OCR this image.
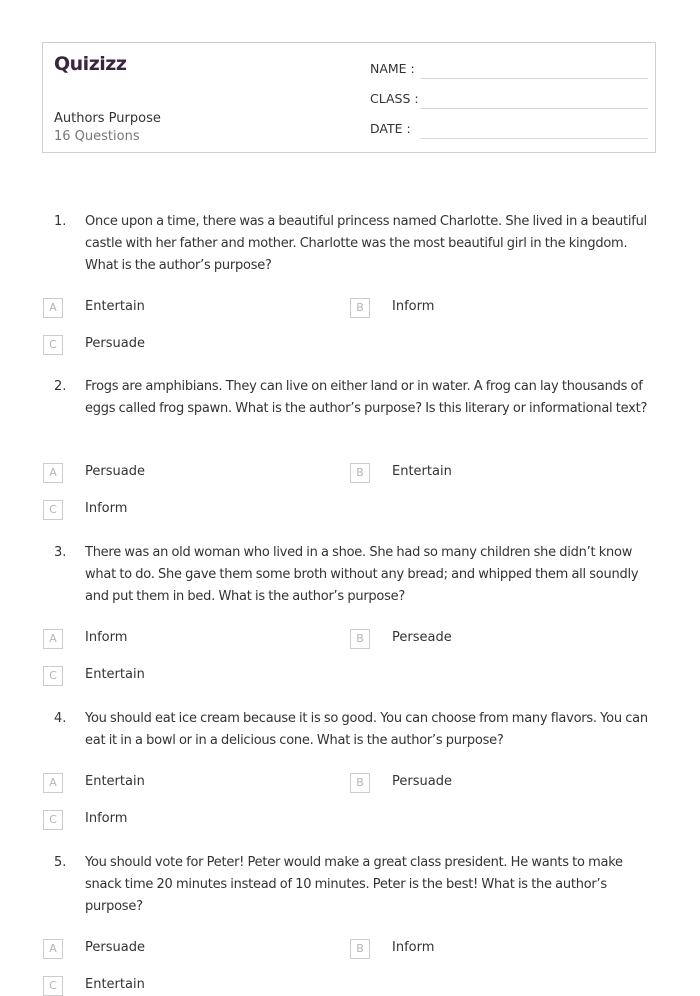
Quizizz
Authors Purpose
16 Questions
NAME :
CLASS :
DATE :
1. Once upon a time, there was a beautiful princess named Charlotte. She lived in a beautiful castle with her father and mother. Charlotte was the most beautiful girl in the kingdom. What is the author’s purpose?
A	Entertain	B	Inform
C	Persuade
2. Frogs are amphibians. They can live on either land or in water. A frog can lay thousands of eggs called frog spawn. What is the author’s purpose? Is this literary or informational text?
A	Persuade	B	Entertain
C	Inform
3. There was an old woman who lived in a shoe. She had so many children she didn’t know what to do. She gave them some broth without any bread; and whipped them all soundly and put them in bed. What is the author’s purpose?
A	Inform	B	Perseade
C	Entertain
4. You should eat ice cream because it is so good. You can choose from many flavors. You can eat it in a bowl or in a delicious cone. What is the author’s purpose?
A	Entertain	B	Persuade
C	Inform
5. You should vote for Peter! Peter would make a great class president. He wants to make snack time 20 minutes instead of 10 minutes. Peter is the best! What is the author’s purpose?
A	Persuade	B	Inform
C	Entertain
